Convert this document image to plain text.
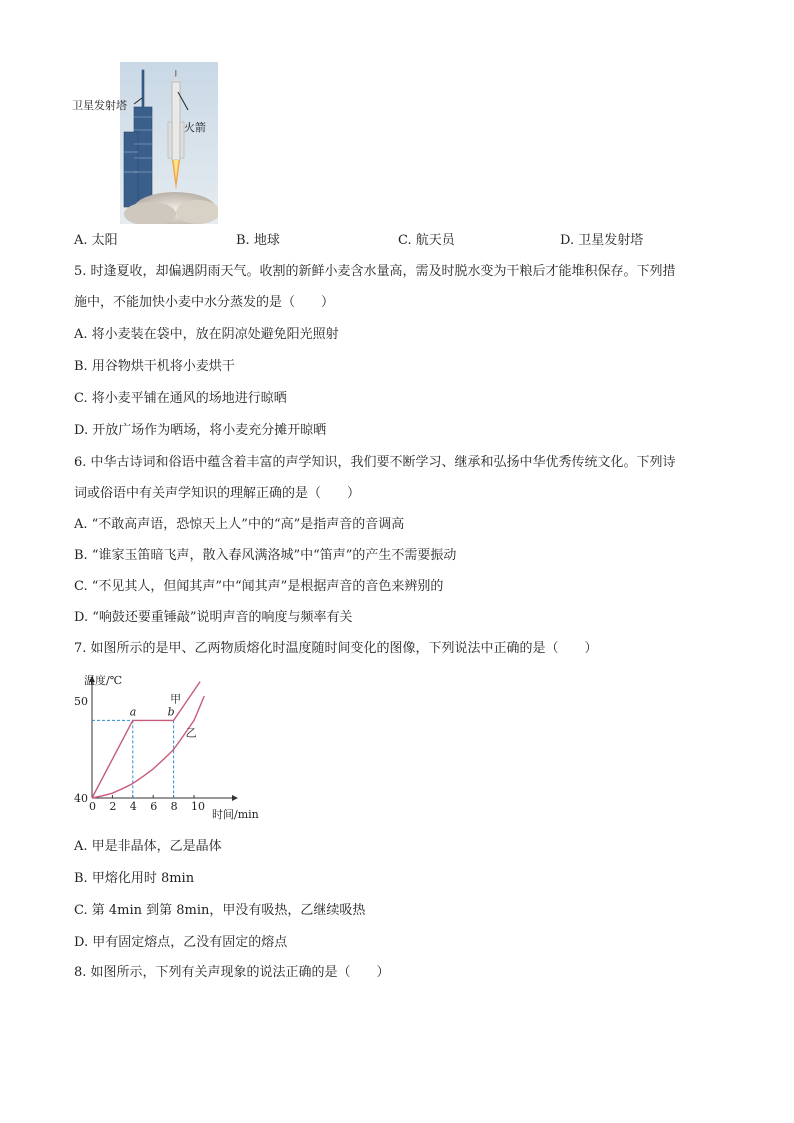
卫星发射塔
火箭
A. 太阳	B. 地球	C. 航天员	D. 卫星发射塔
5. 时逢夏收，却偏遇阴雨天气。收割的新鲜小麦含水量高，需及时脱水变为干粮后才能堆积保存。下列措
施中，不能加快小麦中水分蒸发的是（　　）
A. 将小麦装在袋中，放在阴凉处避免阳光照射
B. 用谷物烘干机将小麦烘干
C. 将小麦平铺在通风的场地进行晾晒
D. 开放广场作为晒场，将小麦充分摊开晾晒
6. 中华古诗词和俗语中蕴含着丰富的声学知识，我们要不断学习、继承和弘扬中华优秀传统文化。下列诗
词或俗语中有关声学知识的理解正确的是（　　）
A. “不敢高声语，恐惊天上人”中的“高”是指声音的音调高
B. “谁家玉笛暗飞声，散入春风满洛城”中“笛声”的产生不需要振动
C. “不见其人，但闻其声”中“闻其声”是根据声音的音色来辨别的
D. “响鼓还要重锤敲”说明声音的响度与频率有关
7. 如图所示的是甲、乙两物质熔化时温度随时间变化的图像，下列说法中正确的是（　　）
温度/℃
时间/min
0 2 4 6 8 10
40
50
a	b
甲
乙
A. 甲是非晶体，乙是晶体
B. 甲熔化用时 8min
C. 第 4min 到第 8min，甲没有吸热，乙继续吸热
D. 甲有固定熔点，乙没有固定的熔点
8. 如图所示，下列有关声现象的说法正确的是（　　）
